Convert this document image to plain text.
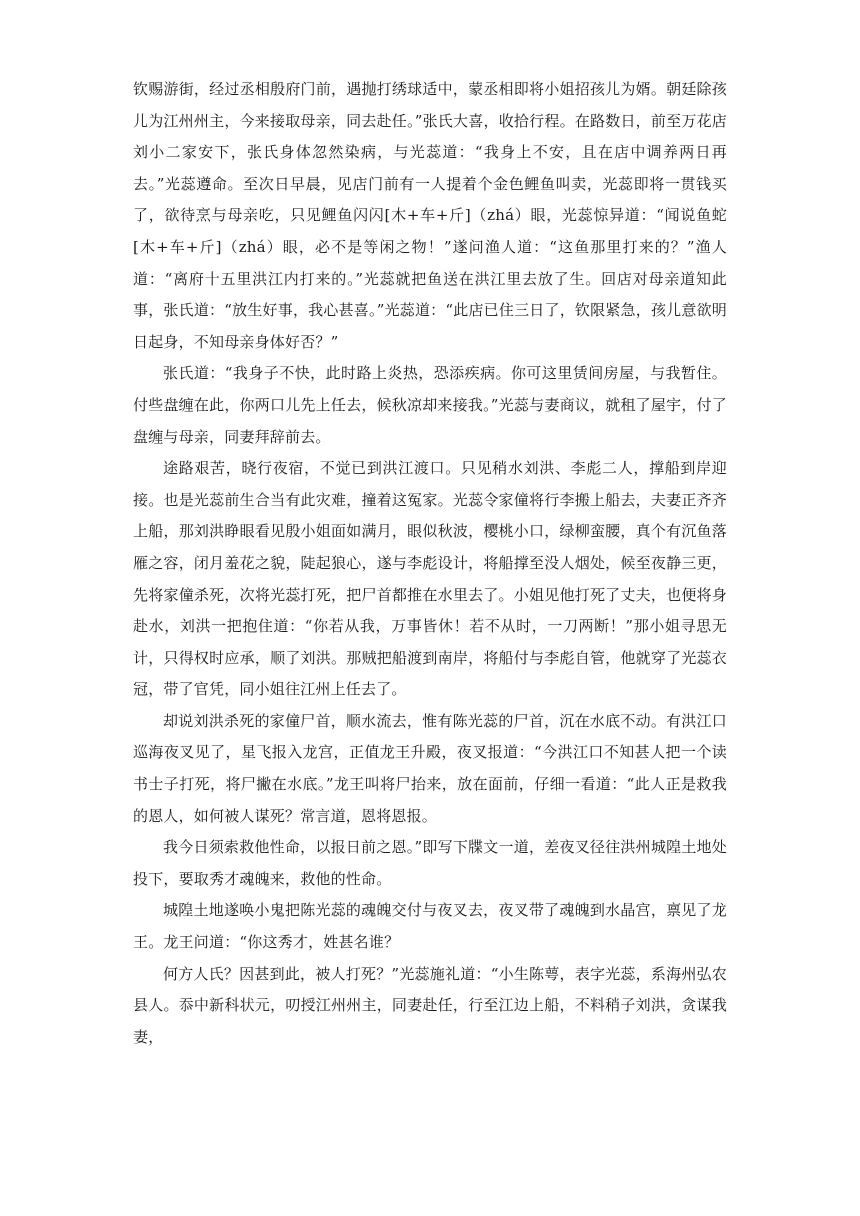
钦赐游街，经过丞相殷府门前，遇抛打绣球适中，蒙丞相即将小姐招孩儿为婿。朝廷除孩儿为江州州主，今来接取母亲，同去赴任。”张氏大喜，收拾行程。在路数日，前至万花店刘小二家安下，张氏身体忽然染病，与光蕊道：“我身上不安，且在店中调养两日再去。”光蕊遵命。至次日早晨，见店门前有一人提着个金色鲤鱼叫卖，光蕊即将一贯钱买了，欲待烹与母亲吃，只见鲤鱼闪闪[木+车+斤]（zhá）眼，光蕊惊异道：“闻说鱼蛇[木+车+斤]（zhá）眼，必不是等闲之物！”遂问渔人道：“这鱼那里打来的？”渔人道：“离府十五里洪江内打来的。”光蕊就把鱼送在洪江里去放了生。回店对母亲道知此事，张氏道：“放生好事，我心甚喜。”光蕊道：“此店已住三日了，钦限紧急，孩儿意欲明日起身，不知母亲身体好否？”

张氏道：“我身子不快，此时路上炎热，恐添疾病。你可这里赁间房屋，与我暂住。付些盘缠在此，你两口儿先上任去，候秋凉却来接我。”光蕊与妻商议，就租了屋宇，付了盘缠与母亲，同妻拜辞前去。

途路艰苦，晓行夜宿，不觉已到洪江渡口。只见稍水刘洪、李彪二人，撑船到岸迎接。也是光蕊前生合当有此灾难，撞着这冤家。光蕊令家僮将行李搬上船去，夫妻正齐齐上船，那刘洪睁眼看见殷小姐面如满月，眼似秋波，樱桃小口，绿柳蛮腰，真个有沉鱼落雁之容，闭月羞花之貌，陡起狼心，遂与李彪设计，将船撑至没人烟处，候至夜静三更，先将家僮杀死，次将光蕊打死，把尸首都推在水里去了。小姐见他打死了丈夫，也便将身赴水，刘洪一把抱住道：“你若从我，万事皆休！若不从时，一刀两断！”那小姐寻思无计，只得权时应承，顺了刘洪。那贼把船渡到南岸，将船付与李彪自管，他就穿了光蕊衣冠，带了官凭，同小姐往江州上任去了。

却说刘洪杀死的家僮尸首，顺水流去，惟有陈光蕊的尸首，沉在水底不动。有洪江口巡海夜叉见了，星飞报入龙宫，正值龙王升殿，夜叉报道：“今洪江口不知甚人把一个读书士子打死，将尸撇在水底。”龙王叫将尸抬来，放在面前，仔细一看道：“此人正是救我的恩人，如何被人谋死？常言道，恩将恩报。

我今日须索救他性命，以报日前之恩。”即写下牒文一道，差夜叉径往洪州城隍土地处投下，要取秀才魂魄来，救他的性命。

城隍土地遂唤小鬼把陈光蕊的魂魄交付与夜叉去，夜叉带了魂魄到水晶宫，禀见了龙王。龙王问道：“你这秀才，姓甚名谁？

何方人氏？因甚到此，被人打死？”光蕊施礼道：“小生陈萼，表字光蕊，系海州弘农县人。忝中新科状元，叨授江州州主，同妻赴任，行至江边上船，不料稍子刘洪，贪谋我妻，
